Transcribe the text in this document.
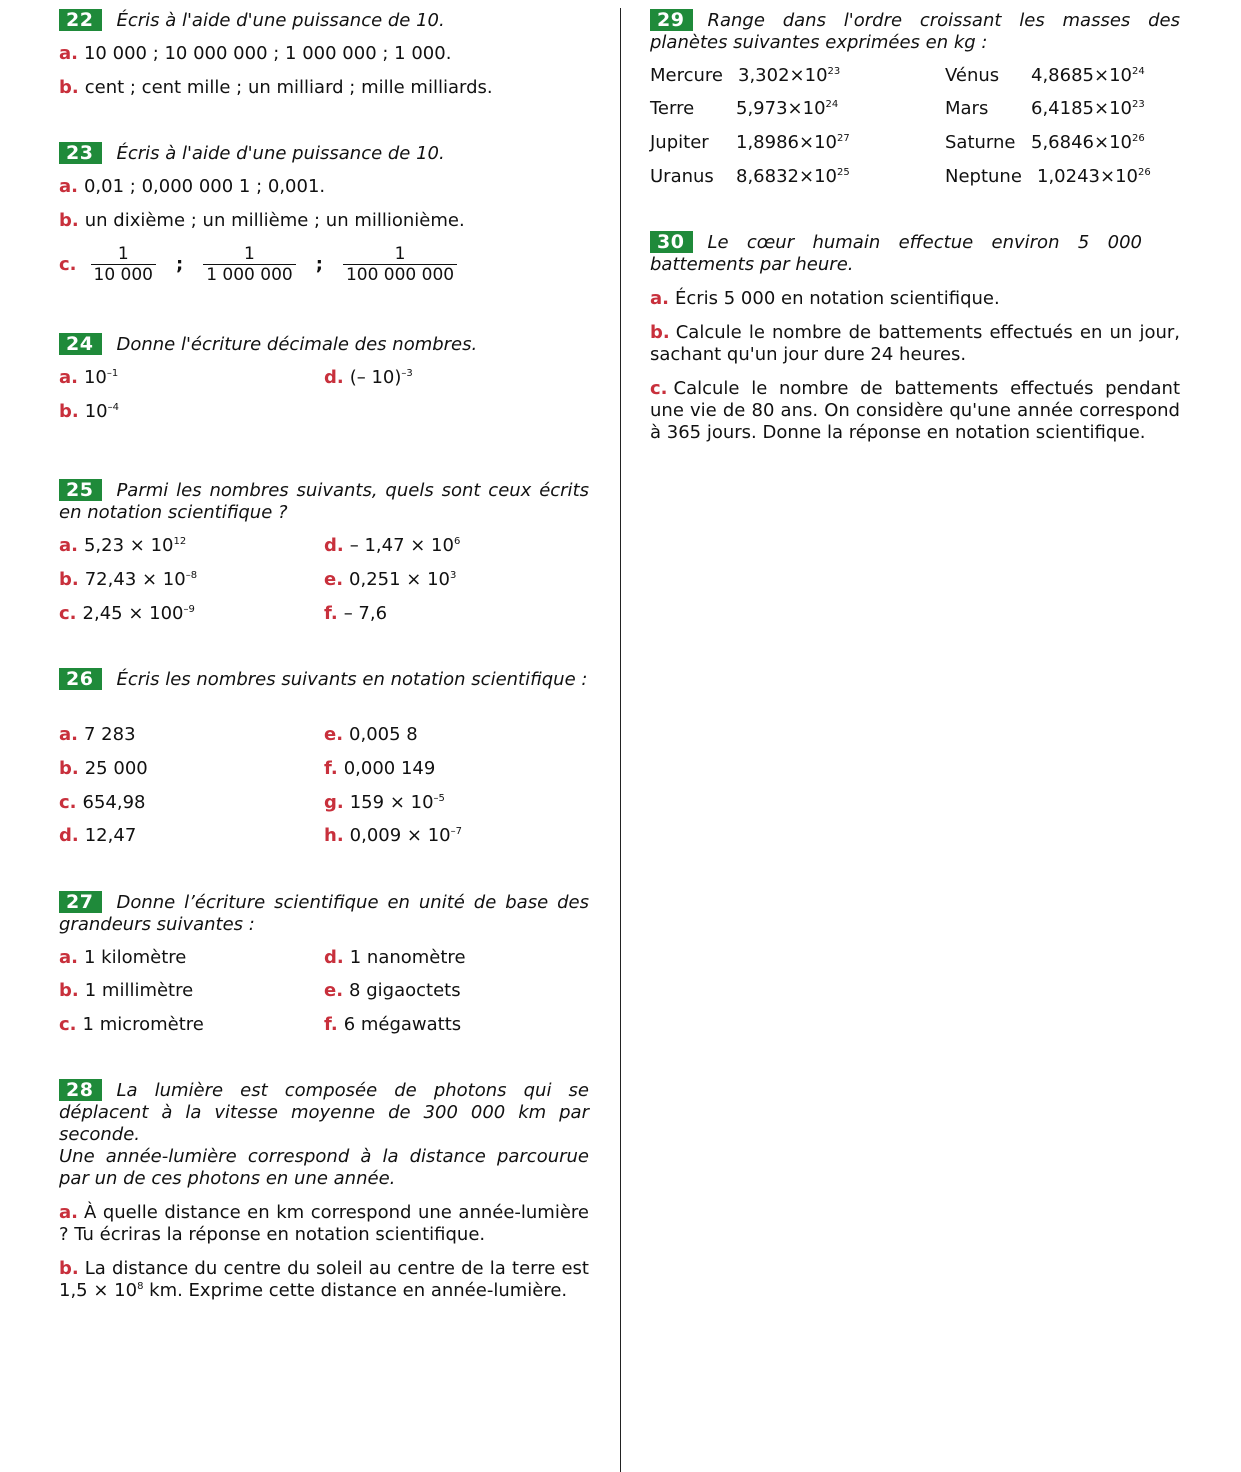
22 Écris à l'aide d'une puissance de 10.

a. 10 000 ; 10 000 000 ; 1 000 000 ; 1 000.
b. cent ; cent mille ; un milliard ; mille milliards.

23 Écris à l'aide d'une puissance de 10.

a. 0,01 ; 0,000 000 1 ; 0,001.
b. un dixième ; un millième ; un millionième.
c. $\frac{1}{10 000}$ ; $\frac{1}{1 000 000}$ ; $\frac{1}{100 000 000}$

24 Donne l'écriture décimale des nombres.

a. $10^{-1}$	d. (– 10)$^{-3}$
b. $10^{-4}$

25 Parmi les nombres suivants, quels sont ceux écrits en notation scientifique ?

a. $5,23 \times 10^{12}$	d. – $1,47 \times 10^6$
b. $72,43 \times 10^{-8}$	e. $0,251 \times 10^3$
c. $2,45 \times 100^{-9}$	f. – 7,6

26 Écris les nombres suivants en notation scientifique :

a. 7 283	e. 0,005 8
b. 25 000	f. 0,000 149
c. 654,98	g. $159 \times 10^{-5}$
d. 12,47	h. $0,009 \times 10^{-7}$

27 Donne l’écriture scientifique en unité de base des grandeurs suivantes :

a. 1 kilomètre	d. 1 nanomètre
b. 1 millimètre	e. 8 gigaoctets
c. 1 micromètre	f. 6 mégawatts

28 La lumière est composée de photons qui se déplacent à la vitesse moyenne de 300 000 km par seconde.

Une année-lumière correspond à la distance parcourue par un de ces photons en une année.

a. À quelle distance en km correspond une année-lumière ? Tu écriras la réponse en notation scientifique.

b. La distance du centre du soleil au centre de la terre est $1,5 \times 10^8$ km. Exprime cette distance en année-lumière.

29 Range dans l'ordre croissant les masses des planètes suivantes exprimées en kg :

Mercure $3,302\times 10^{23}$	Vénus $4,8685\times 10^{24}$
Terre $5,973\times 10^{24}$	Mars $6,4185\times 10^{23}$
Jupiter $1,8986\times 10^{27}$	Saturne $5,6846\times 10^{26}$
Uranus $8,6832\times 10^{25}$	Neptune $1,0243\times 10^{26}$

30 Le cœur humain effectue environ 5 000 battements par heure.

a. Écris 5 000 en notation scientifique.

b. Calcule le nombre de battements effectués en un jour, sachant qu'un jour dure 24 heures.

c. Calcule le nombre de battements effectués pendant une vie de 80 ans. On considère qu'une année correspond à 365 jours. Donne la réponse en notation scientifique.
